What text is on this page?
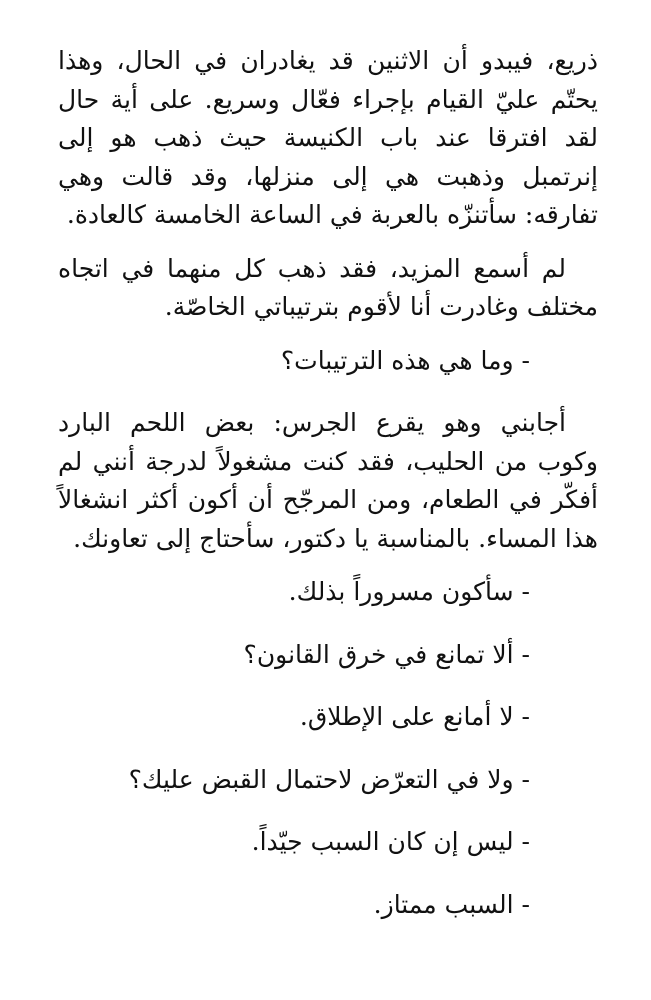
ذريع، فيبدو أن الاثنين قد يغادران في الحال، وهذا يحتّم عليّ القيام بإجراء فعّال وسريع. على أية حال لقد افترقا عند باب الكنيسة حيث ذهب هو إلى إنرتمبل وذهبت هي إلى منزلها، وقد قالت وهي تفارقه: سأتنزّه بالعربة في الساعة الخامسة كالعادة.

لم أسمع المزيد، فقد ذهب كل منهما في اتجاه مختلف وغادرت أنا لأقوم بترتيباتي الخاصّة.

- وما هي هذه الترتيبات؟

أجابني وهو يقرع الجرس: بعض اللحم البارد وكوب من الحليب، فقد كنت مشغولاً لدرجة أنني لم أفكّر في الطعام، ومن المرجّح أن أكون أكثر انشغالاً هذا المساء. بالمناسبة يا دكتور، سأحتاج إلى تعاونك.

- سأكون مسروراً بذلك.

- ألا تمانع في خرق القانون؟

- لا أمانع على الإطلاق.

- ولا في التعرّض لاحتمال القبض عليك؟

- ليس إن كان السبب جيّداً.

- السبب ممتاز.
